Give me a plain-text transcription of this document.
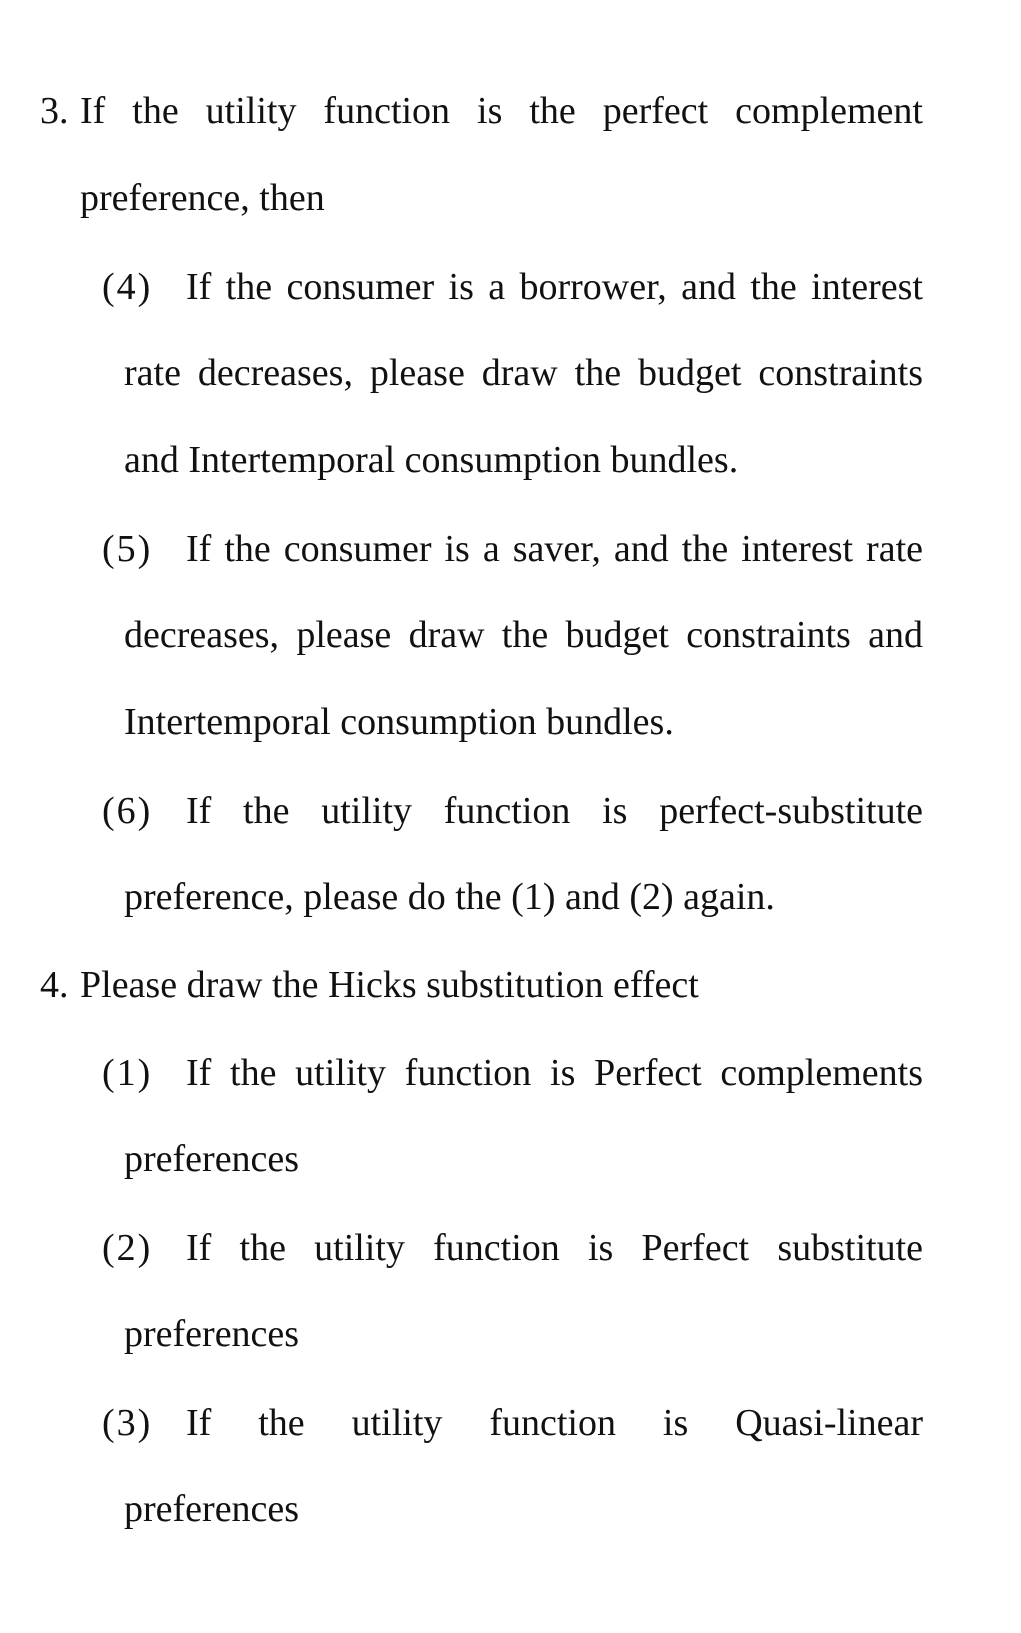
3. If the utility function is the perfect complement
preference, then
(4) If the consumer is a borrower, and the interest
rate decreases, please draw the budget constraints
and Intertemporal consumption bundles.
(5) If the consumer is a saver, and the interest rate
decreases, please draw the budget constraints and
Intertemporal consumption bundles.
(6) If the utility function is perfect-substitute
preference, please do the (1) and (2) again.
4. Please draw the Hicks substitution effect
(1) If the utility function is Perfect complements
preferences
(2) If the utility function is Perfect substitute
preferences
(3) If the utility function is Quasi-linear
preferences
